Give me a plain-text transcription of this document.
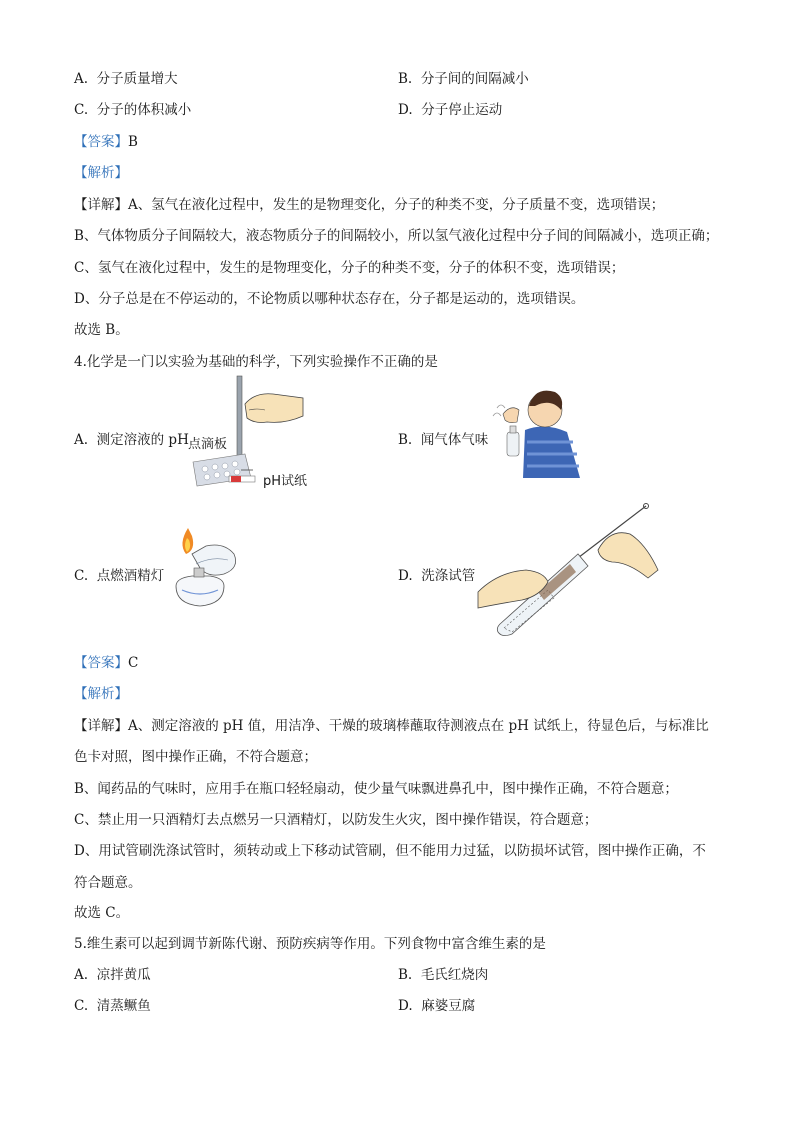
A. 分子质量增大	B. 分子间的间隔减小
C. 分子的体积减小	D. 分子停止运动
【答案】B
【解析】
【详解】A、氢气在液化过程中，发生的是物理变化，分子的种类不变，分子质量不变，选项错误；
B、气体物质分子间隔较大，液态物质分子的间隔较小，所以氢气液化过程中分子间的间隔减小，选项正确；
C、氢气在液化过程中，发生的是物理变化，分子的种类不变，分子的体积不变，选项错误；
D、分子总是在不停运动的，不论物质以哪种状态存在，分子都是运动的，选项错误。
故选 B。
4.化学是一门以实验为基础的科学，下列实验操作不正确的是
A. 测定溶液的 pH 点滴板
pH试纸
B. 闻气体气味
C. 点燃酒精灯	D. 洗涤试管
【答案】C
【解析】
【详解】A、测定溶液的 pH 值，用洁净、干燥的玻璃棒蘸取待测液点在 pH 试纸上，待显色后，与标准比
色卡对照，图中操作正确，不符合题意；
B、闻药品的气味时，应用手在瓶口轻轻扇动，使少量气味飘进鼻孔中，图中操作正确，不符合题意；
C、禁止用一只酒精灯去点燃另一只酒精灯，以防发生火灾，图中操作错误，符合题意；
D、用试管刷洗涤试管时，须转动或上下移动试管刷，但不能用力过猛，以防损坏试管，图中操作正确，不
符合题意。
故选 C。
5.维生素可以起到调节新陈代谢、预防疾病等作用。下列食物中富含维生素的是
A. 凉拌黄瓜	B. 毛氏红烧肉
C. 清蒸鳜鱼	D. 麻婆豆腐
